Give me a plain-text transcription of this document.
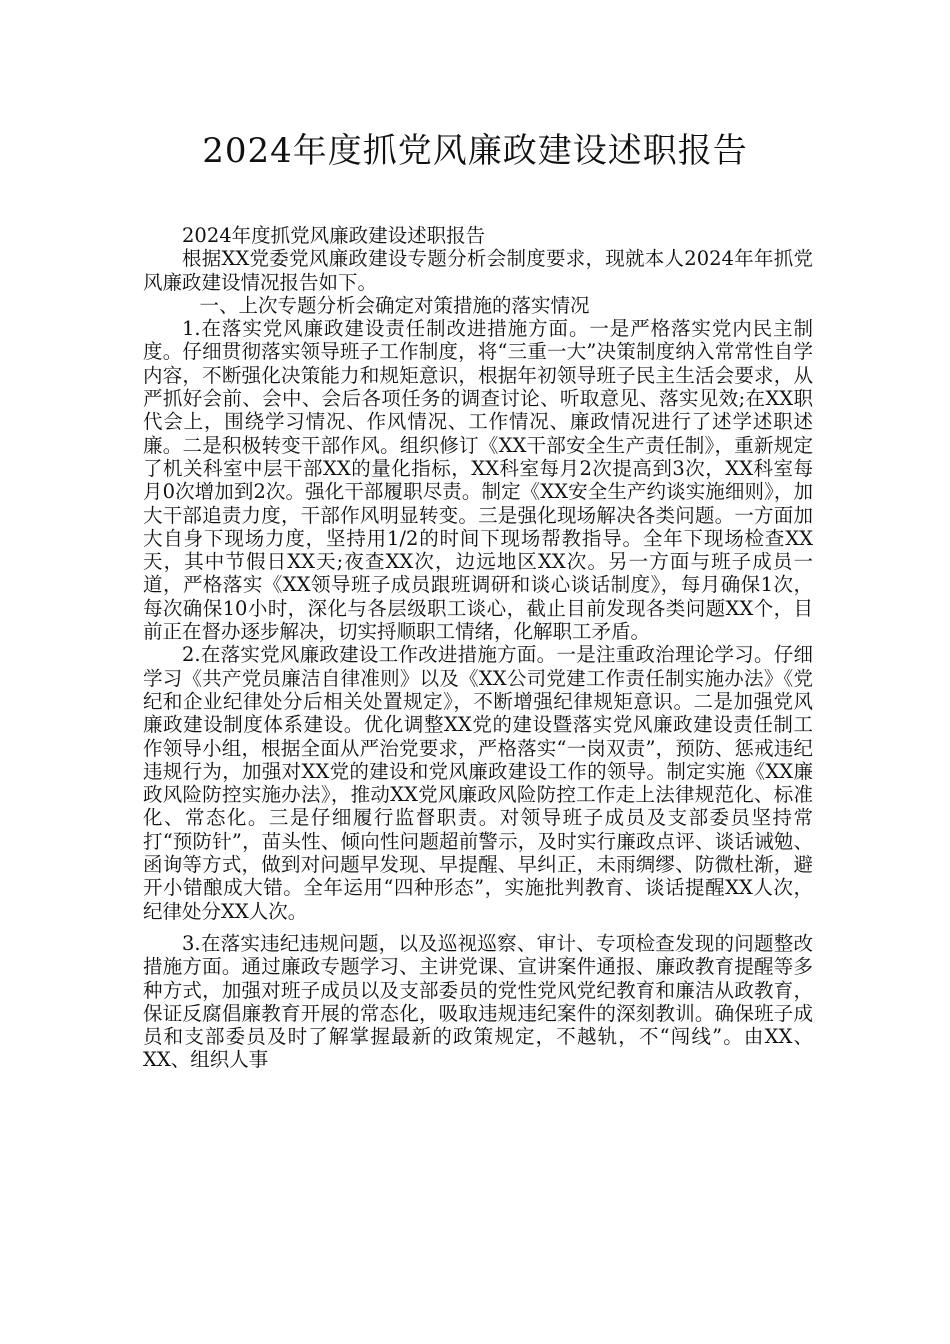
2024年度抓党风廉政建设述职报告

2024年度抓党风廉政建设述职报告

根据XX党委党风廉政建设专题分析会制度要求，现就本人2024年年抓党风廉政建设情况报告如下。

一、上次专题分析会确定对策措施的落实情况

1.在落实党风廉政建设责任制改进措施方面。一是严格落实党内民主制度。仔细贯彻落实领导班子工作制度，将“三重一大”决策制度纳入常常性自学内容，不断强化决策能力和规矩意识，根据年初领导班子民主生活会要求，从严抓好会前、会中、会后各项任务的调查讨论、听取意见、落实见效;在XX职代会上，围绕学习情况、作风情况、工作情况、廉政情况进行了述学述职述廉。二是积极转变干部作风。组织修订《XX干部安全生产责任制》，重新规定了机关科室中层干部XX的量化指标，XX科室每月2次提高到3次，XX科室每月0次增加到2次。强化干部履职尽责。制定《XX安全生产约谈实施细则》，加大干部追责力度，干部作风明显转变。三是强化现场解决各类问题。一方面加大自身下现场力度，坚持用1/2的时间下现场帮教指导。全年下现场检查XX天，其中节假日XX天;夜查XX次，边远地区XX次。另一方面与班子成员一道，严格落实《XX领导班子成员跟班调研和谈心谈话制度》，每月确保1次，每次确保10小时，深化与各层级职工谈心，截止目前发现各类问题XX个，目前正在督办逐步解决，切实捋顺职工情绪，化解职工矛盾。

2.在落实党风廉政建设工作改进措施方面。一是注重政治理论学习。仔细学习《共产党员廉洁自律准则》以及《XX公司党建工作责任制实施办法》《党纪和企业纪律处分后相关处置规定》，不断增强纪律规矩意识。二是加强党风廉政建设制度体系建设。优化调整XX党的建设暨落实党风廉政建设责任制工作领导小组，根据全面从严治党要求，严格落实“一岗双责”，预防、惩戒违纪违规行为，加强对XX党的建设和党风廉政建设工作的领导。制定实施《XX廉政风险防控实施办法》，推动XX党风廉政风险防控工作走上法律规范化、标准化、常态化。三是仔细履行监督职责。对领导班子成员及支部委员坚持常打“预防针”，苗头性、倾向性问题超前警示，及时实行廉政点评、谈话诫勉、函询等方式，做到对问题早发现、早提醒、早纠正，未雨绸缪、防微杜渐，避开小错酿成大错。全年运用“四种形态”，实施批判教育、谈话提醒XX人次，纪律处分XX人次。

3.在落实违纪违规问题，以及巡视巡察、审计、专项检查发现的问题整改措施方面。通过廉政专题学习、主讲党课、宣讲案件通报、廉政教育提醒等多种方式，加强对班子成员以及支部委员的党性党风党纪教育和廉洁从政教育，保证反腐倡廉教育开展的常态化，吸取违规违纪案件的深刻教训。确保班子成员和支部委员及时了解掌握最新的政策规定，不越轨，不“闯线”。由XX、XX、组织人事
